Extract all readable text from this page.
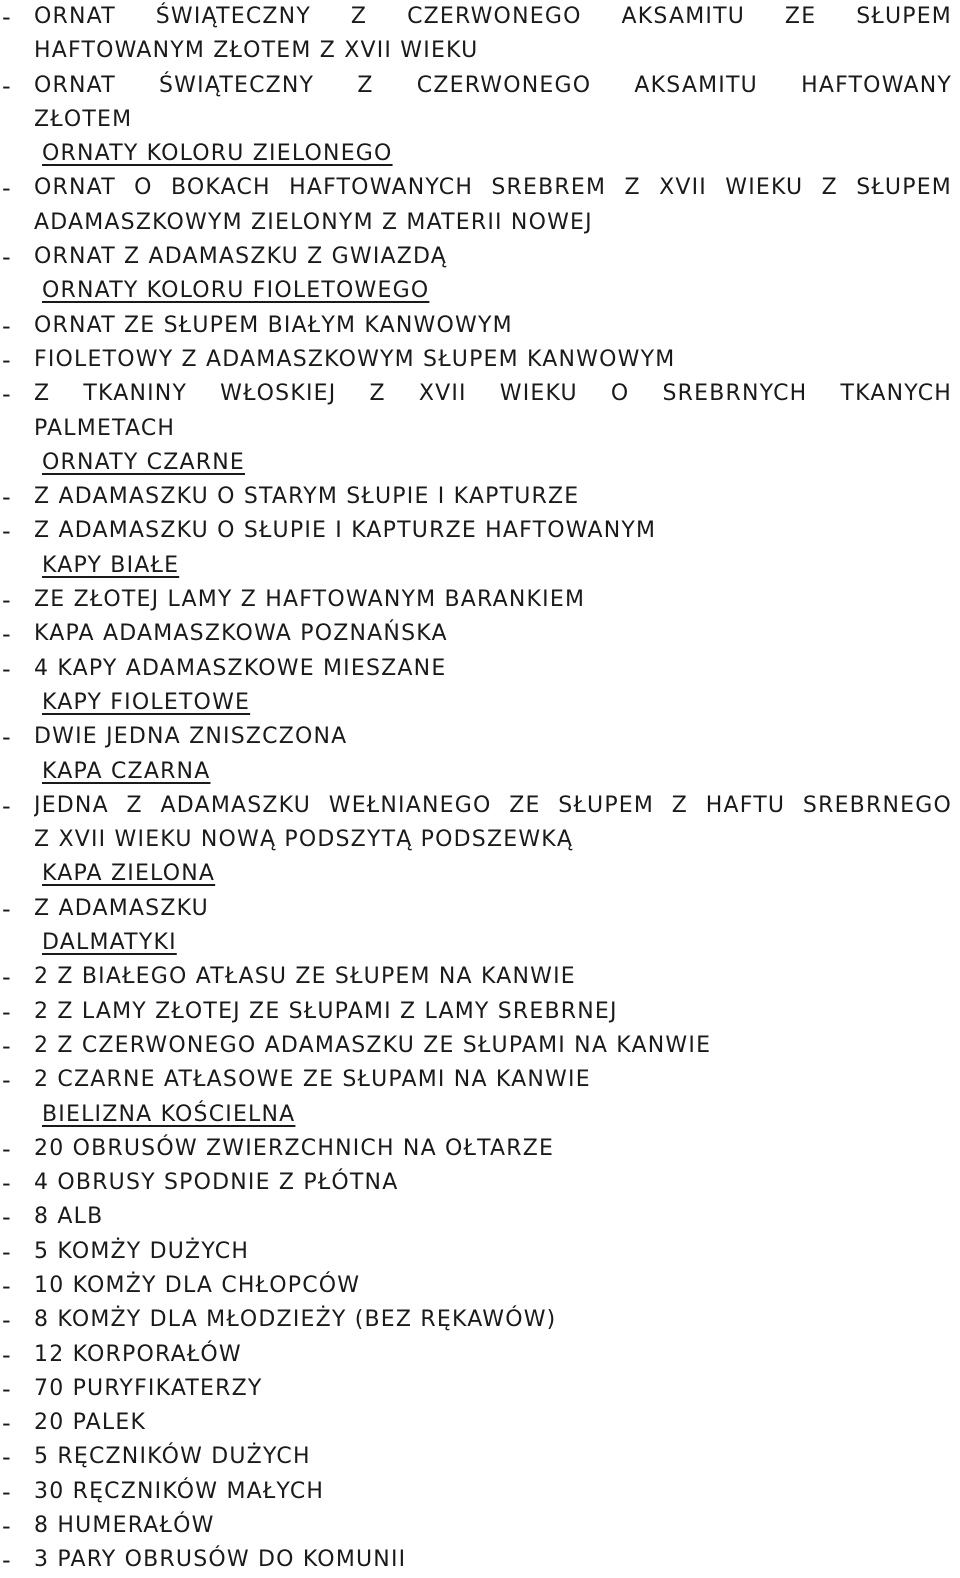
- ORNAT ŚWIĄTECZNY Z CZERWONEGO AKSAMITU ZE SŁUPEM
HAFTOWANYM ZŁOTEM Z XVII WIEKU
- ORNAT ŚWIĄTECZNY Z CZERWONEGO AKSAMITU HAFTOWANY
ZŁOTEM
ORNATY KOLORU ZIELONEGO
- ORNAT O BOKACH HAFTOWANYCH SREBREM Z XVII WIEKU Z SŁUPEM
ADAMASZKOWYM ZIELONYM Z MATERII NOWEJ
- ORNAT Z ADAMASZKU Z GWIAZDĄ
ORNATY KOLORU FIOLETOWEGO
- ORNAT ZE SŁUPEM BIAŁYM KANWOWYM
- FIOLETOWY Z ADAMASZKOWYM SŁUPEM KANWOWYM
- Z TKANINY WŁOSKIEJ Z XVII WIEKU O SREBRNYCH TKANYCH
PALMETACH
ORNATY CZARNE
- Z ADAMASZKU O STARYM SŁUPIE I KAPTURZE
- Z ADAMASZKU O SŁUPIE I KAPTURZE HAFTOWANYM
KAPY BIAŁE
- ZE ZŁOTEJ LAMY Z HAFTOWANYM BARANKIEM
- KAPA ADAMASZKOWA POZNAŃSKA
- 4 KAPY ADAMASZKOWE MIESZANE
KAPY FIOLETOWE
- DWIE JEDNA ZNISZCZONA
KAPA CZARNA
- JEDNA Z ADAMASZKU WEŁNIANEGO ZE SŁUPEM Z HAFTU SREBRNEGO
Z XVII WIEKU NOWĄ PODSZYTĄ PODSZEWKĄ
KAPA ZIELONA
- Z ADAMASZKU
DALMATYKI
- 2 Z BIAŁEGO ATŁASU ZE SŁUPEM NA KANWIE
- 2 Z LAMY ZŁOTEJ ZE SŁUPAMI Z LAMY SREBRNEJ
- 2 Z CZERWONEGO ADAMASZKU ZE SŁUPAMI NA KANWIE
- 2 CZARNE ATŁASOWE ZE SŁUPAMI NA KANWIE
BIELIZNA KOŚCIELNA
- 20 OBRUSÓW ZWIERZCHNICH NA OŁTARZE
- 4 OBRUSY SPODNIE Z PŁÓTNA
- 8 ALB
- 5 KOMŻY DUŻYCH
- 10 KOMŻY DLA CHŁOPCÓW
- 8 KOMŻY DLA MŁODZIEŻY (BEZ RĘKAWÓW)
- 12 KORPORAŁÓW
- 70 PURYFIKATERZY
- 20 PALEK
- 5 RĘCZNIKÓW DUŻYCH
- 30 RĘCZNIKÓW MAŁYCH
- 8 HUMERAŁÓW
- 3 PARY OBRUSÓW DO KOMUNII
